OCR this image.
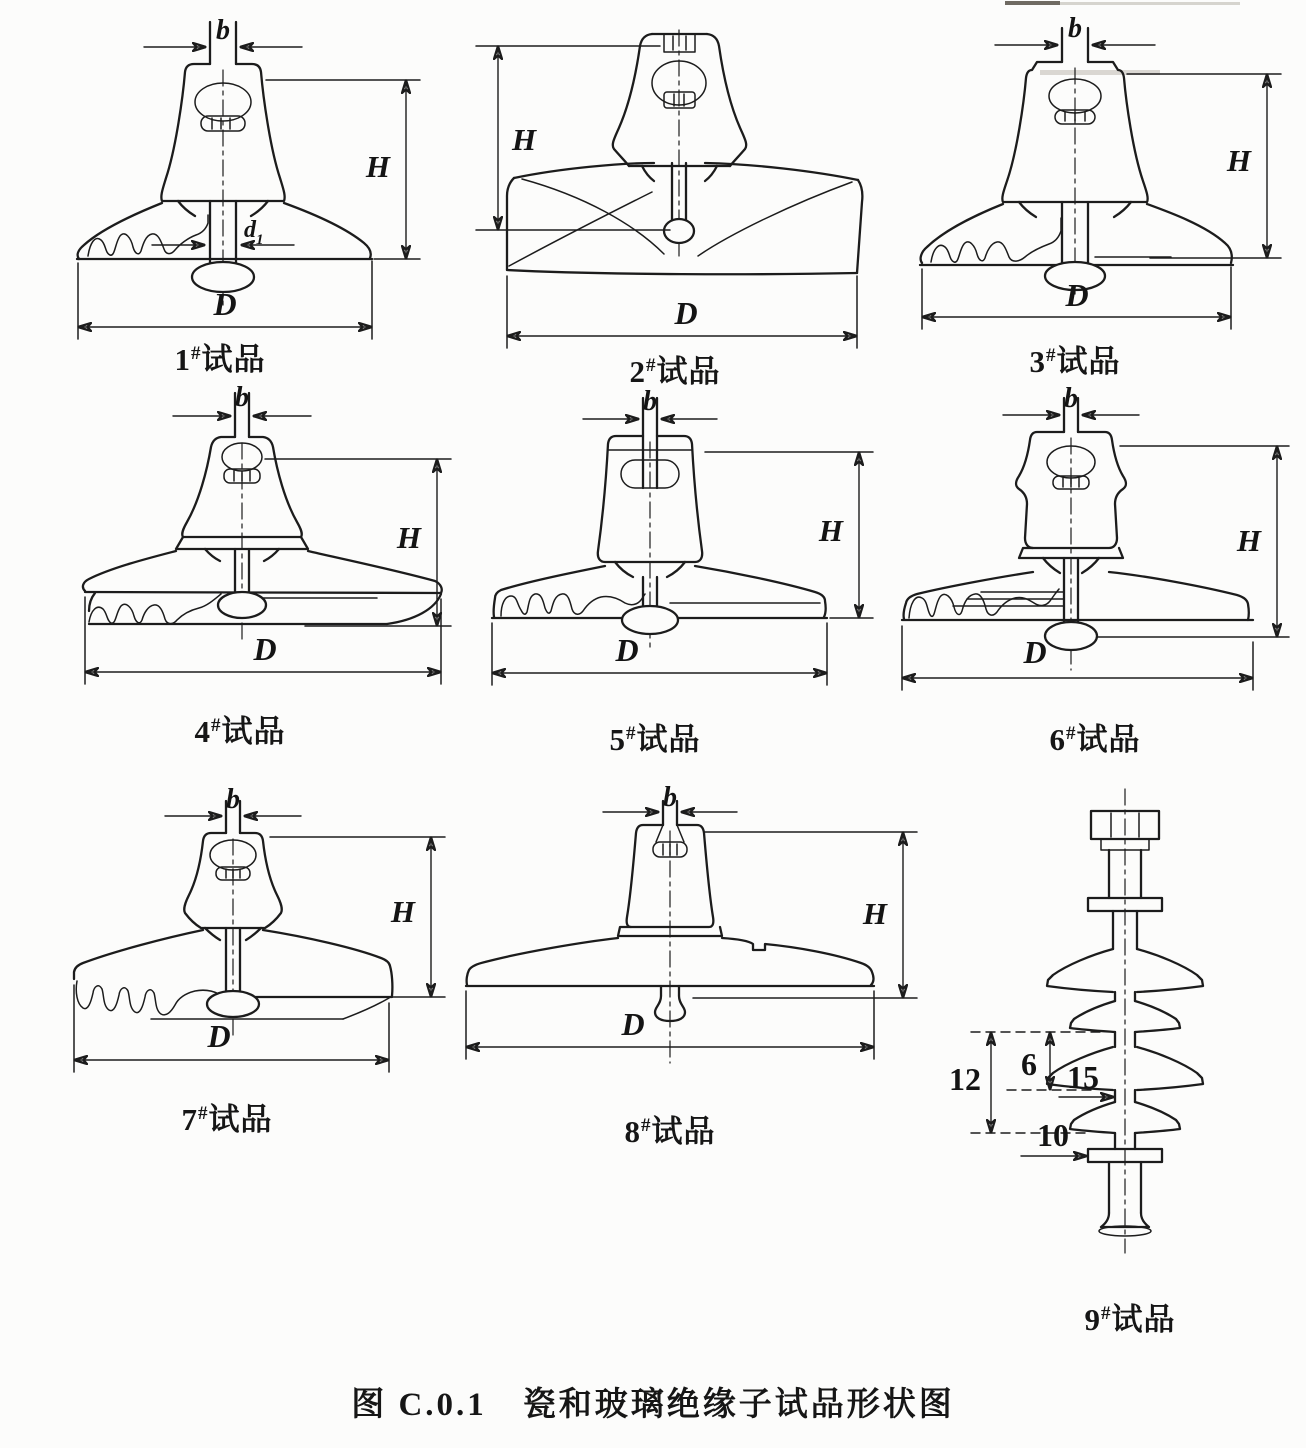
b
$d_1$
H
D
1#试品
H
D
2#试品
b
H
D
3#试品
b
H
D
4#试品
b
H
D
5#试品
b
H
D
6#试品
b
H
D
7#试品
b
H
D
8#试品
6
12	15
10
9#试品
图 C.0.1　瓷和玻璃绝缘子试品形状图
